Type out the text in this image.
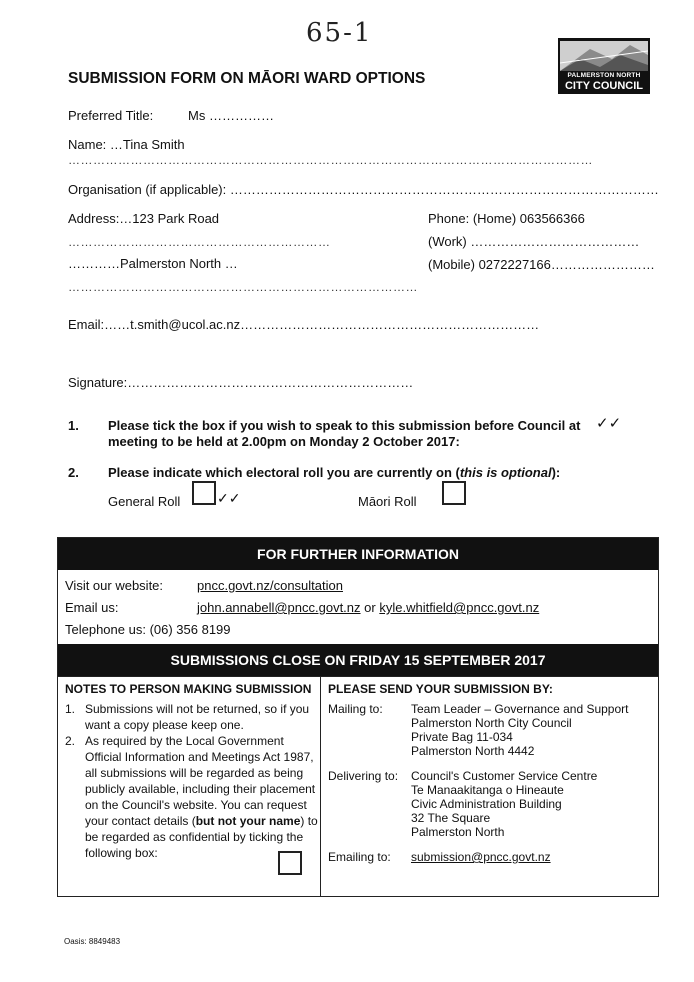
65-1
SUBMISSION FORM ON MĀORI WARD OPTIONS	PALMERSTON NORTH
CITY COUNCIL
Preferred Title:	Ms ……………
Name: …Tina Smith
………………………………………………………………………………………………………………
Organisation (if applicable): ………………………………………………………………………………………
Address:…123 Park Road
………………………………………………………
…………Palmerston North …
…………………………………………………………………………
Phone: (Home) 063566366
(Work) …………………………………
(Mobile) 0272227166……………………
Email:……t.smith@ucol.ac.nz……………………………………………………………
Signature:…………………………………………………………
1. Please tick the box if you wish to speak to this submission before Council at
meeting to be held at 2.00pm on Monday 2 October 2017:
✓✓
2. Please indicate which electoral roll you are currently on (this is optional):
General Roll	✓✓	Māori Roll
FOR FURTHER INFORMATION
Visit our website:	pncc.govt.nz/consultation
Email us:	john.annabell@pncc.govt.nz or kyle.whitfield@pncc.govt.nz
Telephone us: (06) 356 8199
SUBMISSIONS CLOSE ON FRIDAY 15 SEPTEMBER 2017
NOTES TO PERSON MAKING SUBMISSION
1. Submissions will not be returned, so if you
want a copy please keep one.
2. As required by the Local Government
Official Information and Meetings Act 1987,
all submissions will be regarded as being
publicly available, including their placement
on the Council's website. You can request
your contact details (but not your name) to
be regarded as confidential by ticking the
following box:
PLEASE SEND YOUR SUBMISSION BY:
Mailing to: Team Leader – Governance and Support
Palmerston North City Council
Private Bag 11-034
Palmerston North 4442
Delivering to: Council's Customer Service Centre
Te Manaakitanga o Hineaute
Civic Administration Building
32 The Square
Palmerston North
Emailing to: submission@pncc.govt.nz
Oasis: 8849483
